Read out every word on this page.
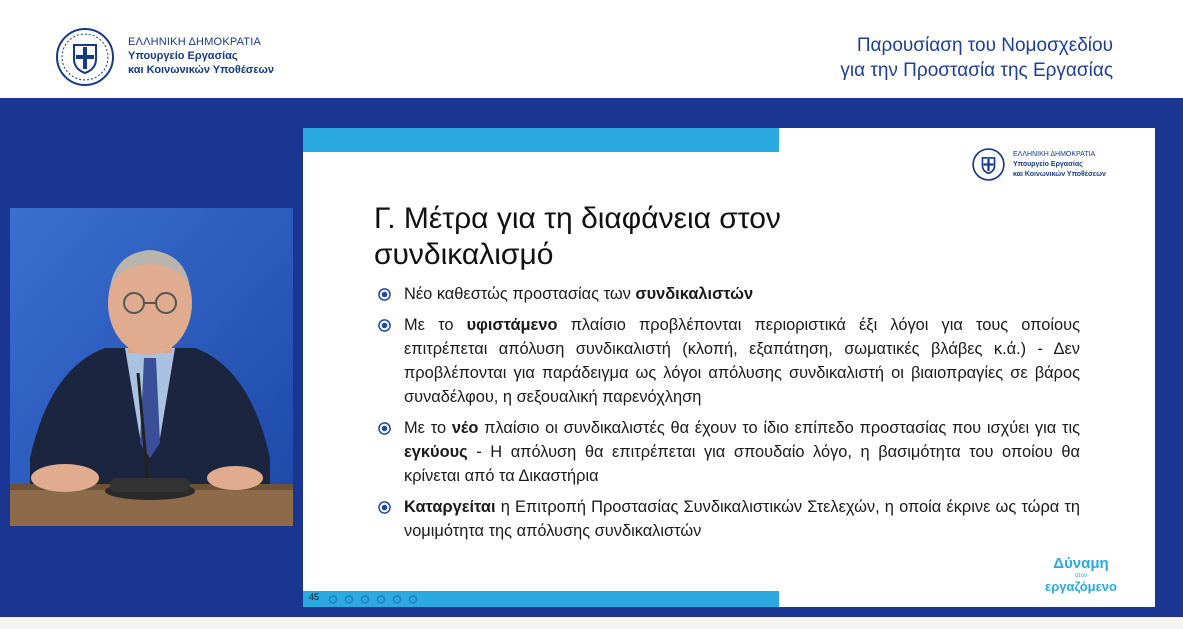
ΕΛΛΗΝΙΚΗ ΔΗΜΟΚΡΑΤΙΑ
Υπουργείο Εργασίας
και Κοινωνικών Υποθέσεων
Παρουσίαση του Νομοσχεδίου
για την Προστασία της Εργασίας
ΕΛΛΗΝΙΚΗ ΔΗΜΟΚΡΑΤΙΑ
Υπουργείο Εργασίας
και Κοινωνικών Υποθέσεων
Γ. Μέτρα για τη διαφάνεια στον
συνδικαλισμό
Νέο καθεστώς προστασίας των συνδικαλιστών
Με το υφιστάμενο πλαίσιο προβλέπονται περιοριστικά έξι λόγοι για τους οποίους επιτρέπεται απόλυση συνδικαλιστή (κλοπή, εξαπάτηση, σωματικές βλάβες κ.ά.) - Δεν προβλέπονται για παράδειγμα ως λόγοι απόλυσης συνδικαλιστή οι βιαιοπραγίες σε βάρος συναδέλφου, η σεξουαλική παρενόχληση
Με το νέο πλαίσιο οι συνδικαλιστές θα έχουν το ίδιο επίπεδο προστασίας που ισχύει για τις εγκύους - Η απόλυση θα επιτρέπεται για σπουδαίο λόγο, η βασιμότητα του οποίου θα κρίνεται από τα Δικαστήρια
Καταργείται η Επιτροπή Προστασίας Συνδικαλιστικών Στελεχών, η οποία έκρινε ως τώρα τη νομιμότητα της απόλυσης συνδικαλιστών
Δύναμη
στον
εργαζόμενο
45
